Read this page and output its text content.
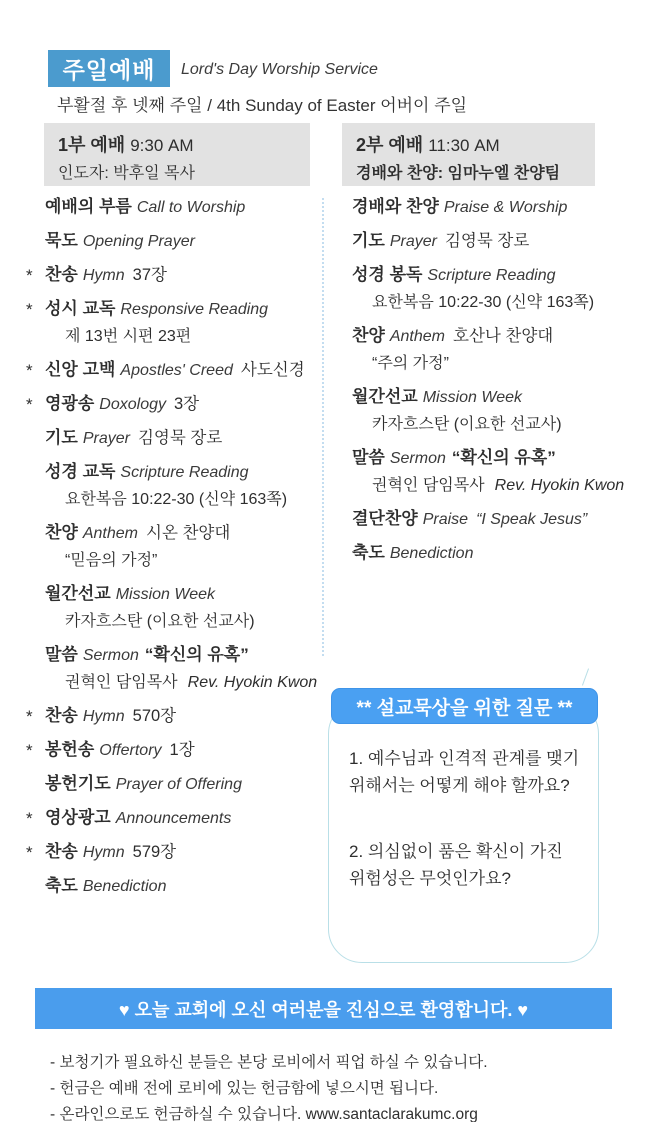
주일예배 Lord's Day Worship Service
부활절 후 넷째 주일 / 4th Sunday of Easter 어버이 주일
1부 예배 9:30 AM
인도자: 박후일 목사
2부 예배 11:30 AM
경배와 찬양: 임마누엘 찬양팀
예배의 부름 Call to Worship
묵도 Opening Prayer
* 찬송 Hymn 37장
* 성시 교독 Responsive Reading
제 13번 시편 23편
* 신앙 고백 Apostles' Creed 사도신경
* 영광송 Doxology 3장
기도 Prayer 김영묵 장로
성경 교독 Scripture Reading
요한복음 10:22-30 (신약 163쪽)
찬양 Anthem 시온 찬양대
“믿음의 가정”
월간선교 Mission Week
카자흐스탄 (이요한 선교사)
말씀 Sermon “확신의 유혹”
권혁인 담임목사 Rev. Hyokin Kwon
* 찬송 Hymn 570장
* 봉헌송 Offertory 1장
봉헌기도 Prayer of Offering
* 영상광고 Announcements
* 찬송 Hymn 579장
축도 Benediction
경배와 찬양 Praise & Worship
기도 Prayer 김영묵 장로
성경 봉독 Scripture Reading
요한복음 10:22-30 (신약 163쪽)
찬양 Anthem 호산나 찬양대
“주의 가정”
월간선교 Mission Week
카자흐스탄 (이요한 선교사)
말씀 Sermon “확신의 유혹”
권혁인 담임목사 Rev. Hyokin Kwon
결단찬양 Praise “I Speak Jesus”
축도 Benediction
** 설교묵상을 위한 질문 **
1. 예수님과 인격적 관계를 맺기 위해서는 어떻게 해야 할까요?
2. 의심없이 품은 확신이 가진 위험성은 무엇인가요?
♥ 오늘 교회에 오신 여러분을 진심으로 환영합니다. ♥
- 보청기가 필요하신 분들은 본당 로비에서 픽업 하실 수 있습니다.
- 헌금은 예배 전에 로비에 있는 헌금함에 넣으시면 됩니다.
- 온라인으로도 헌금하실 수 있습니다. www.santaclarakumc.org
